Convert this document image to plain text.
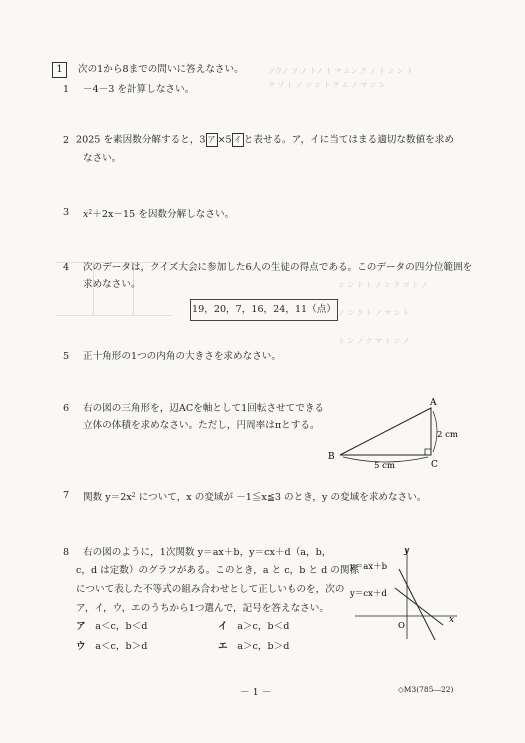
ソウノ ツ ノ トノ ト マ ムン ク ノ ト ン ン ト
ク ソ ト ノ ツ ン ト ク ム ノ マ ン ン
ン ン ト ト ノ ン ク マ ト ノ
ノ ン ク ト ノ マ ン ト
ト ン ノ ク マ ト ン ノ
1	次の1から8までの問いに答えなさい。
1 －4－3 を計算しなさい。
2 2025 を素因数分解すると，3 ア ×5 イ と表せる。ア，イに当てはまる適切な数値を求め
なさい。
3 $x^2+2x-15$ を因数分解しなさい。
4 次のデータは，クイズ大会に参加した6人の生徒の得点である。このデータの四分位範囲を
求めなさい。
19，20，7，16，24，11（点）
5 正十角形の1つの内角の大きさを求めなさい。
6 右の図の三角形を，辺ACを軸として1回転させてできる
立体の体積を求めなさい。ただし，円周率はπとする。
A
B
C
2 cm
5 cm
7 関数 $y=2x^2$ について，x の変域が －1≦x≦3 のとき，y の変域を求めなさい。
8 右の図のように，1次関数 y＝ax＋b，y＝cx＋d（a，b，
c，d は定数）のグラフがある。このとき，a と c，b と d の関係
について表した不等式の組み合わせとして正しいものを，次の
ア，イ，ウ，エのうちから1つ選んで，記号を答えなさい。
ア　 a＜c，b＜d	イ　 a＞c，b＜d
ウ　 a＜c，b＞d	エ　 a＞c，b＞d
y
x
O
y＝ax＋b
y＝cx＋d
－ 1 －	◇M3(785―22)
